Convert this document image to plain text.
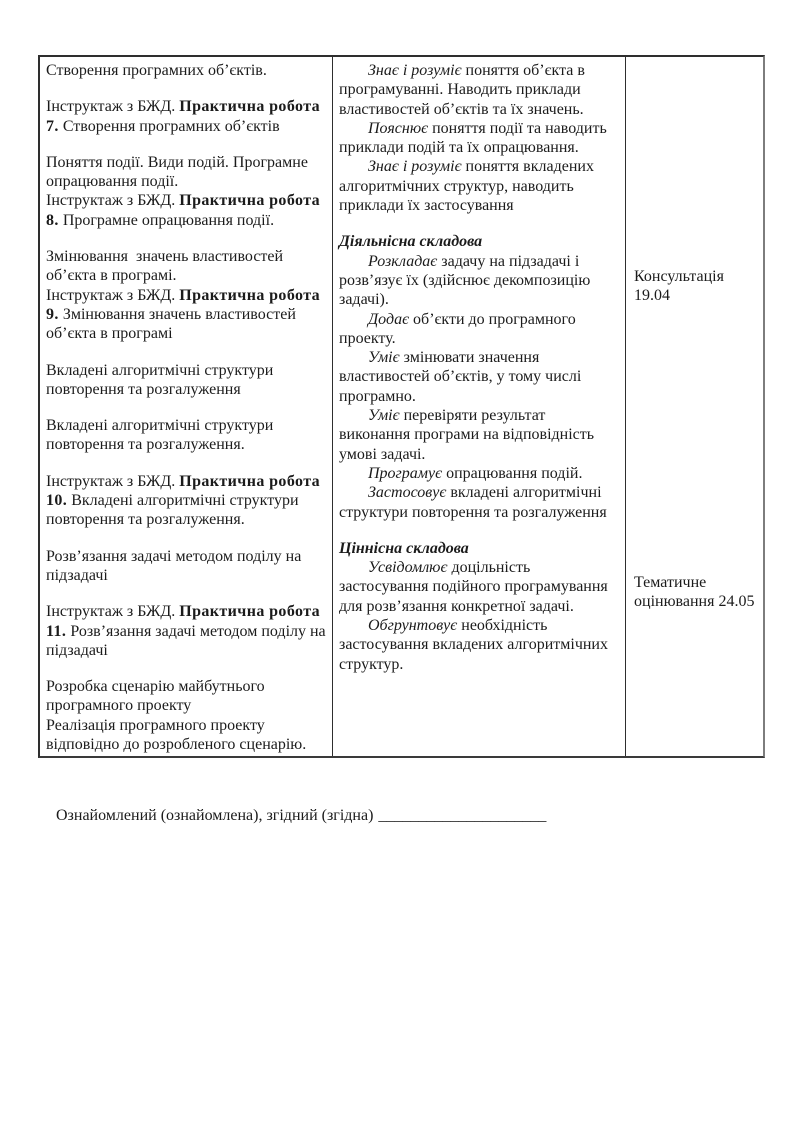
Створення програмних об’єктів.
Інструктаж з БЖД. Практична робота 7. Створення програмних об’єктів
Поняття події. Види подій. Програмне опрацювання події.
Інструктаж з БЖД. Практична робота 8. Програмне опрацювання події.
Змінювання  значень властивостей об’єкта в програмі.
Інструктаж з БЖД. Практична робота 9. Змінювання значень властивостей об’єкта в програмі
Вкладені алгоритмічні структури повторення та розгалуження
Вкладені алгоритмічні структури повторення та розгалуження.
Інструктаж з БЖД. Практична робота 10. Вкладені алгоритмічні структури повторення та розгалуження.
Розв’язання задачі методом поділу на підзадачі
Інструктаж з БЖД. Практична робота 11. Розв’язання задачі методом поділу на підзадачі
Розробка сценарію майбутнього програмного проекту
Реалізація програмного проекту відповідно до розробленого сценарію.
Знає і розуміє поняття об’єкта в програмуванні. Наводить приклади властивостей об’єктів та їх значень.
Пояснює поняття події та наводить приклади подій та їх опрацювання.
Знає і розуміє поняття вкладених алгоритмічних структур, наводить приклади їх застосування
Діяльнісна складова
Розкладає задачу на підзадачі і розв’язує їх (здійснює декомпозицію задачі).
Додає об’єкти до програмного проекту.
Уміє змінювати значення властивостей об’єктів, у тому числі програмно.
Уміє перевіряти результат виконання програми на відповідність умові задачі.
Програмує опрацювання подій.
Застосовує вкладені алгоритмічні структури повторення та розгалуження
Ціннісна складова
Усвідомлює доцільність застосування подійного програмування для розв’язання конкретної задачі.
Обгрунтовує необхідність застосування вкладених алгоритмічних структур.
Консультація 19.04
Тематичне оцінювання 24.05

Ознайомлений (ознайомлена), згідний (згідна) _____________________
